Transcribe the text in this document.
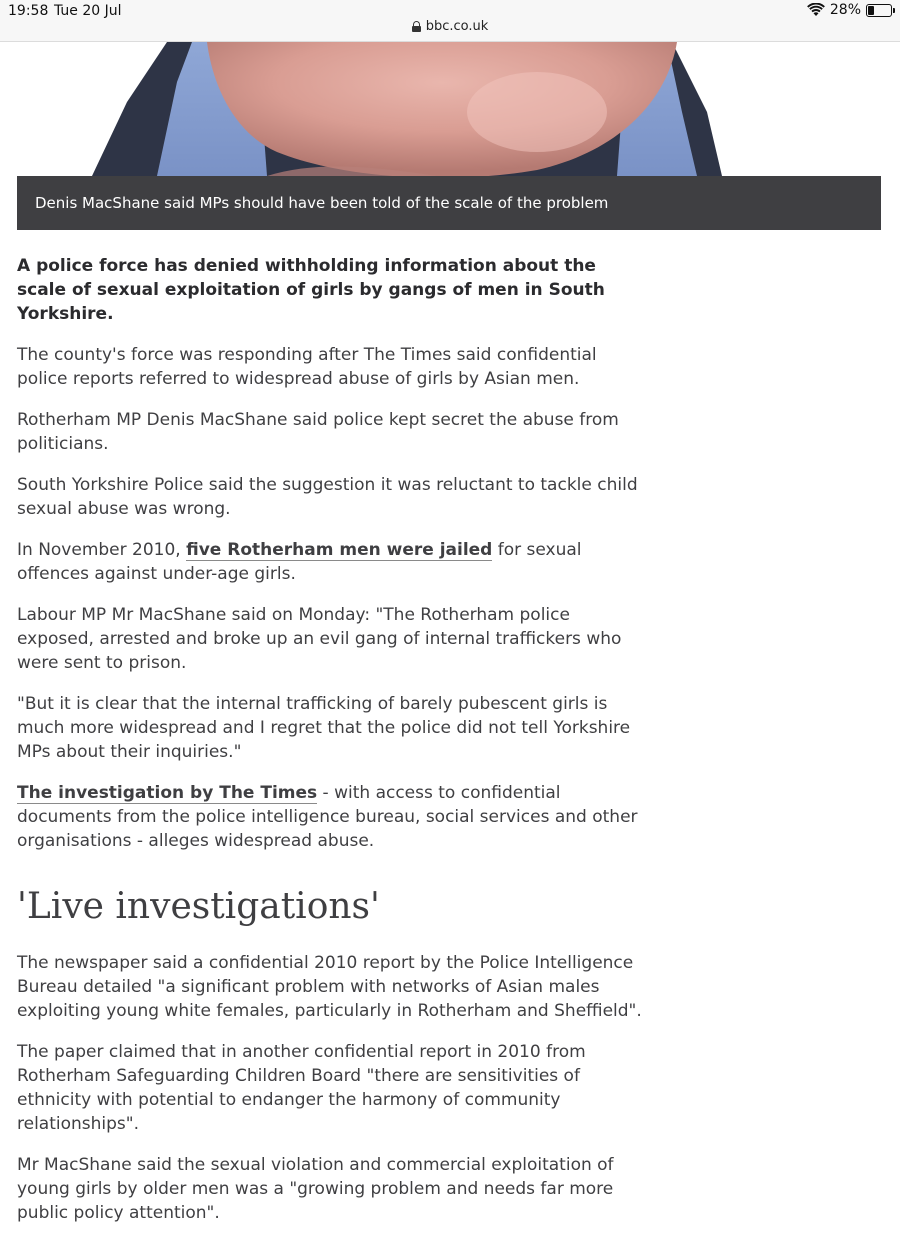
19:58 Tue 20 Jul	28%
bbc.co.uk
Denis MacShane said MPs should have been told of the scale of the problem

A police force has denied withholding information about the scale of sexual exploitation of girls by gangs of men in South Yorkshire.

The county's force was responding after The Times said confidential police reports referred to widespread abuse of girls by Asian men.

Rotherham MP Denis MacShane said police kept secret the abuse from politicians.

South Yorkshire Police said the suggestion it was reluctant to tackle child sexual abuse was wrong.

In November 2010, five Rotherham men were jailed for sexual offences against under-age girls.

Labour MP Mr MacShane said on Monday: "The Rotherham police exposed, arrested and broke up an evil gang of internal traffickers who were sent to prison.

"But it is clear that the internal trafficking of barely pubescent girls is much more widespread and I regret that the police did not tell Yorkshire MPs about their inquiries."

The investigation by The Times - with access to confidential documents from the police intelligence bureau, social services and other organisations - alleges widespread abuse.

'Live investigations'

The newspaper said a confidential 2010 report by the Police Intelligence Bureau detailed "a significant problem with networks of Asian males exploiting young white females, particularly in Rotherham and Sheffield".

The paper claimed that in another confidential report in 2010 from Rotherham Safeguarding Children Board "there are sensitivities of ethnicity with potential to endanger the harmony of community relationships".

Mr MacShane said the sexual violation and commercial exploitation of young girls by older men was a "growing problem and needs far more public policy attention".
